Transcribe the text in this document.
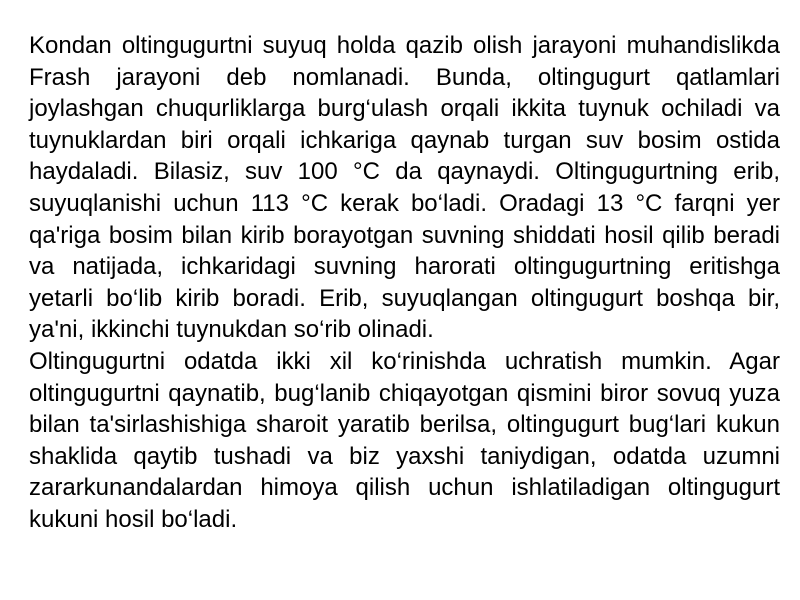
Kondan oltingugurtni suyuq holda qazib olish jarayoni muhandislikda Frash jarayoni deb nomlanadi. Bunda, oltingugurt qatlamlari joylashgan chuqurliklarga burg‘ulash orqali ikkita tuynuk ochiladi va tuynuklardan biri orqali ichkariga qaynab turgan suv bosim ostida haydaladi. Bilasiz, suv 100 °C da qaynaydi. Oltingugurtning erib, suyuqlanishi uchun 113 °C kerak bo‘ladi. Oradagi 13 °C farqni yer qa'riga bosim bilan kirib borayotgan suvning shiddati hosil qilib beradi va natijada, ichkaridagi suvning harorati oltingugurtning eritishga yetarli bo‘lib kirib boradi. Erib, suyuqlangan oltingugurt boshqa bir, ya'ni, ikkinchi tuynukdan so‘rib olinadi.

Oltingugurtni odatda ikki xil ko‘rinishda uchratish mumkin. Agar oltingugurtni qaynatib, bug‘lanib chiqayotgan qismini biror sovuq yuza bilan ta'sirlashishiga sharoit yaratib berilsa, oltingugurt bug‘lari kukun shaklida qaytib tushadi va biz yaxshi taniydigan, odatda uzumni zararkunandalardan himoya qilish uchun ishlatiladigan oltingugurt kukuni hosil bo‘ladi.
